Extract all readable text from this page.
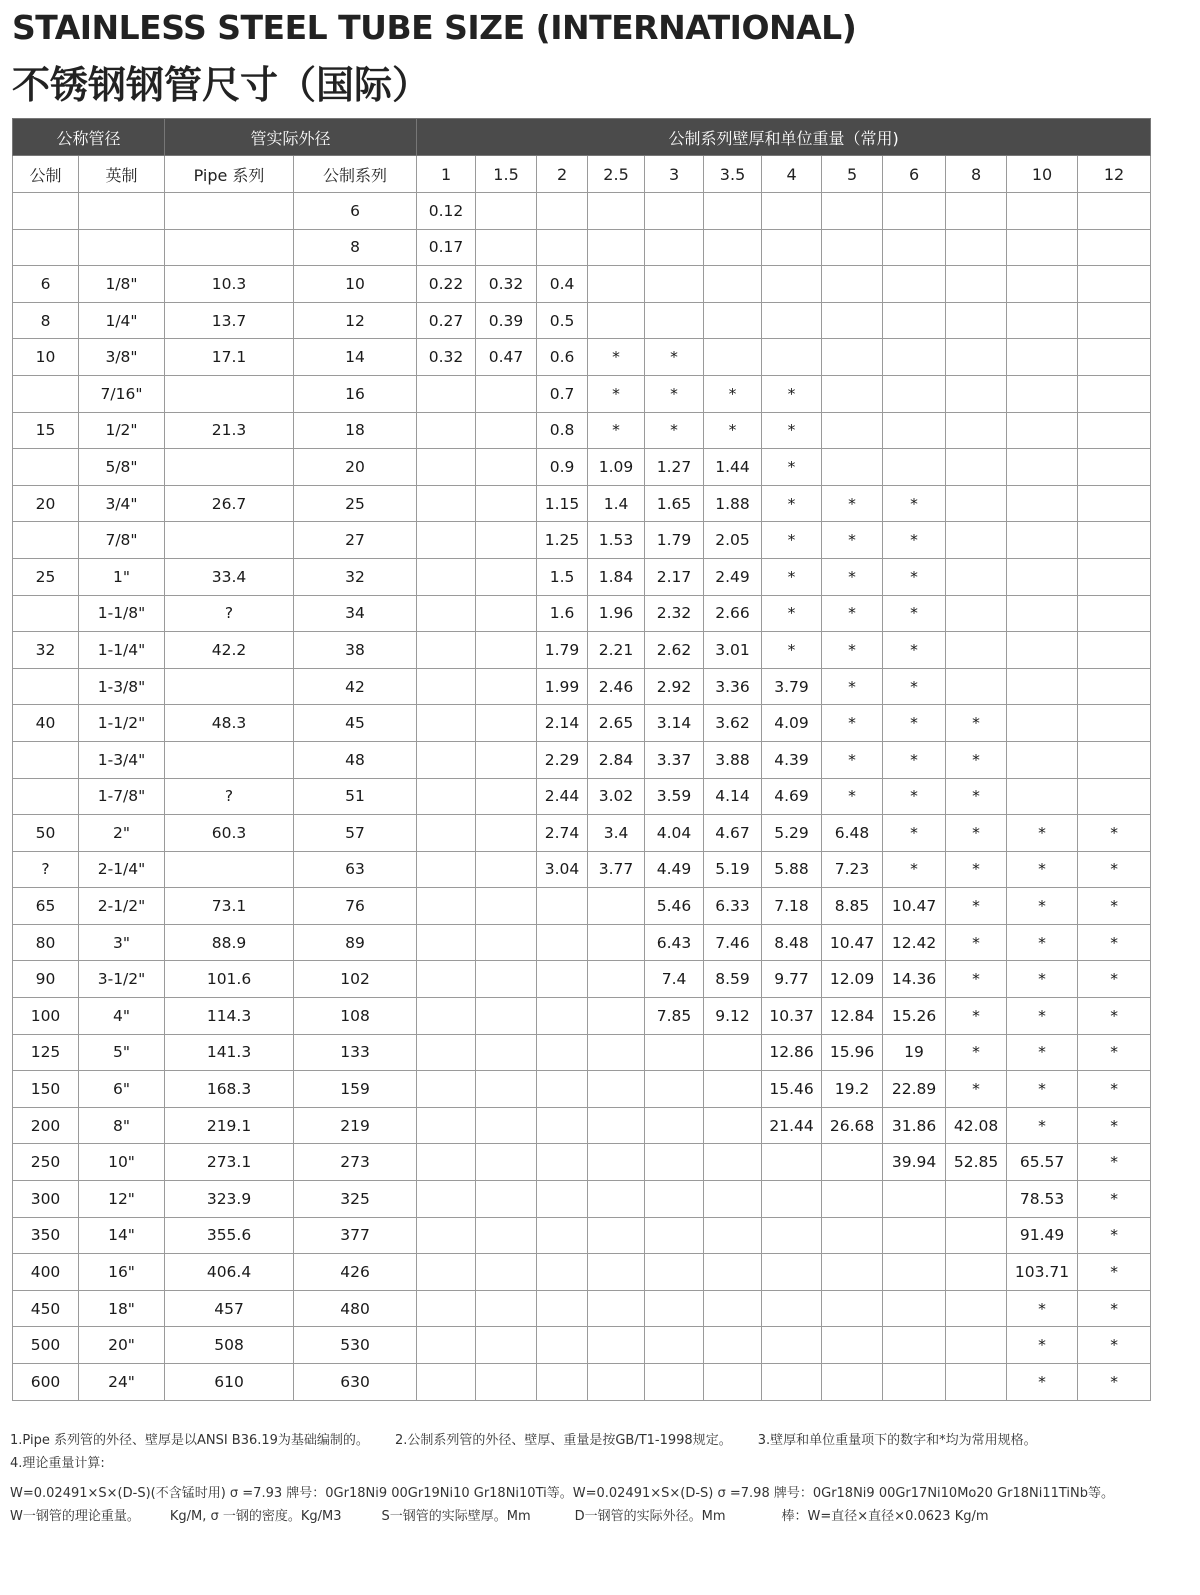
STAINLESS STEEL TUBE SIZE (INTERNATIONAL)
不锈钢钢管尺寸（国际）
公称管径		管实际外径		公制系列壁厚和单位重量（常用)											
公制	英制	Pipe 系列	公制系列	1	1.5	2	2.5	3	3.5	4	5	6	8	10	12
			6	0.12											
			8	0.17											
6	1/8"	10.3	10	0.22	0.32	0.4									
8	1/4"	13.7	12	0.27	0.39	0.5									
10	3/8"	17.1	14	0.32	0.47	0.6	*	*							
	7/16"		16			0.7	*	*	*	*					
15	1/2"	21.3	18			0.8	*	*	*	*					
	5/8"		20			0.9	1.09	1.27	1.44	*					
20	3/4"	26.7	25			1.15	1.4	1.65	1.88	*	*	*			
	7/8"		27			1.25	1.53	1.79	2.05	*	*	*			
25	1"	33.4	32			1.5	1.84	2.17	2.49	*	*	*			
	1-1/8"	?	34			1.6	1.96	2.32	2.66	*	*	*			
32	1-1/4"	42.2	38			1.79	2.21	2.62	3.01	*	*	*			
	1-3/8"		42			1.99	2.46	2.92	3.36	3.79	*	*			
40	1-1/2"	48.3	45			2.14	2.65	3.14	3.62	4.09	*	*	*		
	1-3/4"		48			2.29	2.84	3.37	3.88	4.39	*	*	*		
	1-7/8"	?	51			2.44	3.02	3.59	4.14	4.69	*	*	*		
50	2"	60.3	57			2.74	3.4	4.04	4.67	5.29	6.48	*	*	*	*
?	2-1/4"		63			3.04	3.77	4.49	5.19	5.88	7.23	*	*	*	*
65	2-1/2"	73.1	76					5.46	6.33	7.18	8.85	10.47	*	*	*
80	3"	88.9	89					6.43	7.46	8.48	10.47	12.42	*	*	*
90	3-1/2"	101.6	102					7.4	8.59	9.77	12.09	14.36	*	*	*
100	4"	114.3	108					7.85	9.12	10.37	12.84	15.26	*	*	*
125	5"	141.3	133							12.86	15.96	19	*	*	*
150	6"	168.3	159							15.46	19.2	22.89	*	*	*
200	8"	219.1	219							21.44	26.68	31.86	42.08	*	*
250	10"	273.1	273									39.94	52.85	65.57	*
300	12"	323.9	325											78.53	*
350	14"	355.6	377											91.49	*
400	16"	406.4	426											103.71	*
450	18"	457	480											*	*
500	20"	508	530											*	*
600	24"	610	630											*	*
1.Pipe 系列管的外径、壁厚是以ANSI B36.19为基础编制的。 2.公制系列管的外径、壁厚、重量是按GB/T1-1998规定。 3.壁厚和单位重量项下的数字和*均为常用规格。
4.理论重量计算:
W=0.02491×S×(D-S)(不含锰时用) σ =7.93 牌号：0Gr18Ni9 00Gr19Ni10 Gr18Ni10Ti等。W=0.02491×S×(D-S) σ =7.98 牌号：0Gr18Ni9 00Gr17Ni10Mo20 Gr18Ni11TiNb等。
W一钢管的理论重量。 Kg/M, σ 一钢的密度。Kg/M3	S一钢管的实际壁厚。Mm	D一钢管的实际外径。Mm	棒：W=直径×直径×0.0623 Kg/m
